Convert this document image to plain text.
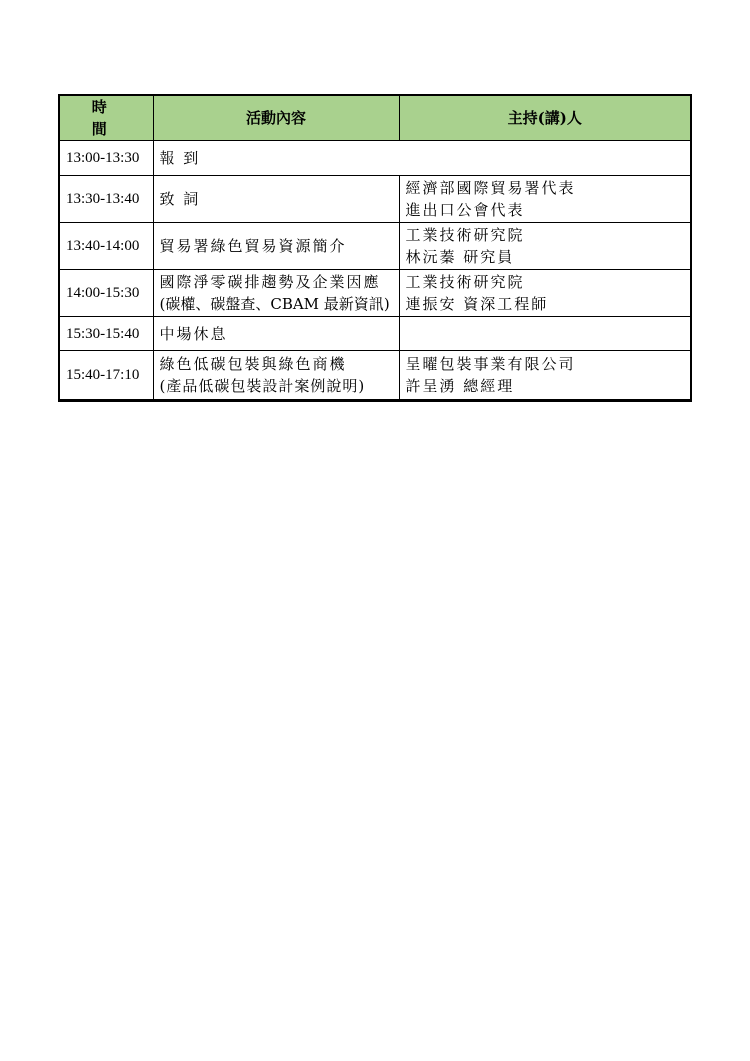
時　間	活動內容	主持(講)人
13:00-13:30	報 到	

13:30-13:40	致 詞	經濟部國際貿易署代表
進出口公會代表

13:40-14:00	貿易署綠色貿易資源簡介	工業技術研究院
林沅蓁 研究員

14:00-15:30	國際淨零碳排趨勢及企業因應
(碳權、碳盤查、CBAM 最新資訊)	工業技術研究院
連振安 資深工程師

15:30-15:40	中場休息	

15:40-17:10	綠色低碳包裝與綠色商機
(產品低碳包裝設計案例說明)	呈曜包裝事業有限公司
許呈湧 總經理
